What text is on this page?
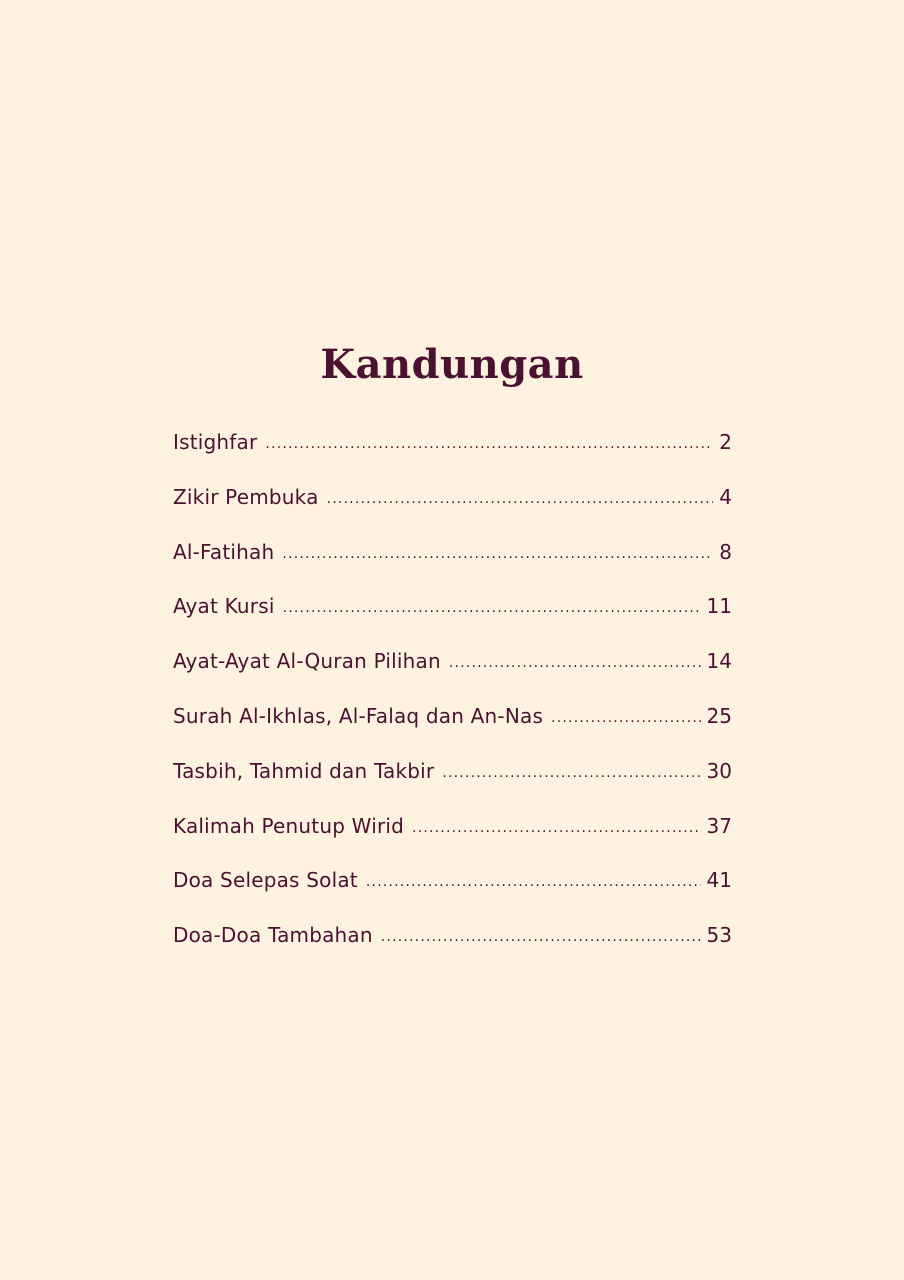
Kandungan
Istighfar .....	2
Zikir Pembuka .....	4
Al-Fatihah .....	8
Ayat Kursi .....	11
Ayat-Ayat Al-Quran Pilihan .....	14
Surah Al-Ikhlas, Al-Falaq dan An-Nas .....	25
Tasbih, Tahmid dan Takbir .....	30
Kalimah Penutup Wirid .....	37
Doa Selepas Solat .....	41
Doa-Doa Tambahan .....	53
